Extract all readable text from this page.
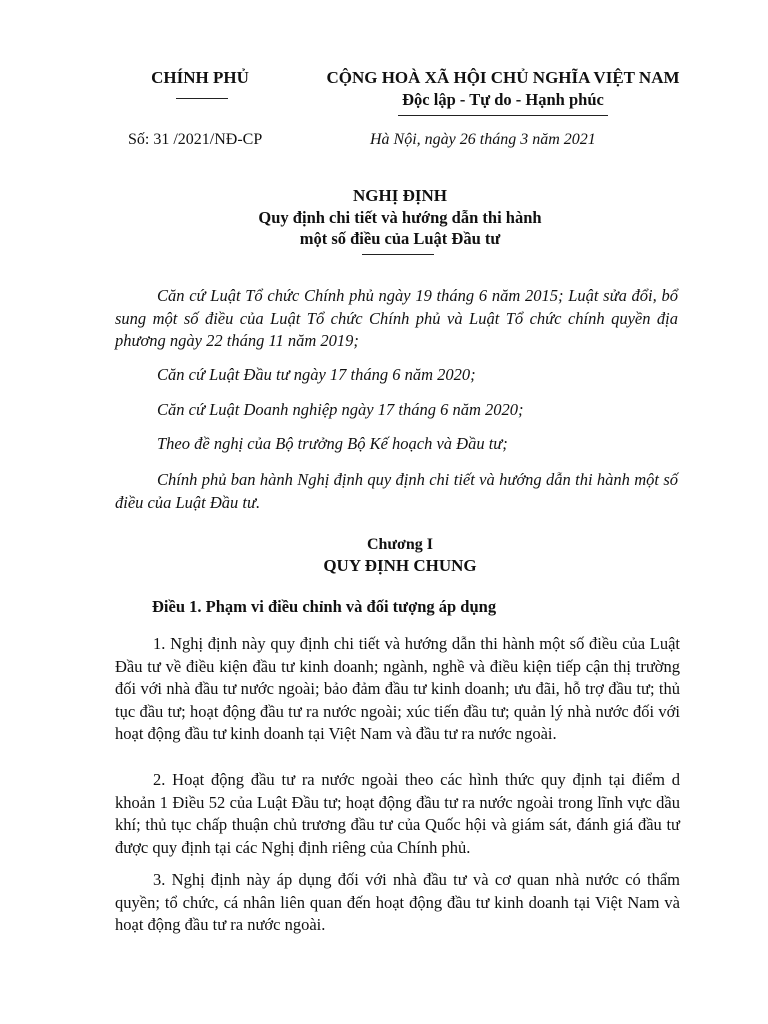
CHÍNH PHỦ	CỘNG HOÀ XÃ HỘI CHỦ NGHĨA VIỆT NAM
Độc lập - Tự do - Hạnh phúc
Số: 31 /2021/NĐ-CP	Hà Nội, ngày 26 tháng 3 năm 2021
NGHỊ ĐỊNH
Quy định chi tiết và hướng dẫn thi hành
một số điều của Luật Đầu tư
Căn cứ Luật Tổ chức Chính phủ ngày 19 tháng 6 năm 2015; Luật sửa đổi, bổ sung một số điều của Luật Tổ chức Chính phủ và Luật Tổ chức chính quyền địa phương ngày 22 tháng 11 năm 2019;
Căn cứ Luật Đầu tư ngày 17 tháng 6 năm 2020;
Căn cứ Luật Doanh nghiệp ngày 17 tháng 6 năm 2020;
Theo đề nghị của Bộ trưởng Bộ Kế hoạch và Đầu tư;
Chính phủ ban hành Nghị định quy định chi tiết và hướng dẫn thi hành một số điều của Luật Đầu tư.
Chương I
QUY ĐỊNH CHUNG
Điều 1. Phạm vi điều chỉnh và đối tượng áp dụng
1. Nghị định này quy định chi tiết và hướng dẫn thi hành một số điều của Luật Đầu tư về điều kiện đầu tư kinh doanh; ngành, nghề và điều kiện tiếp cận thị trường đối với nhà đầu tư nước ngoài; bảo đảm đầu tư kinh doanh; ưu đãi, hỗ trợ đầu tư; thủ tục đầu tư; hoạt động đầu tư ra nước ngoài; xúc tiến đầu tư; quản lý nhà nước đối với hoạt động đầu tư kinh doanh tại Việt Nam và đầu tư ra nước ngoài.
2. Hoạt động đầu tư ra nước ngoài theo các hình thức quy định tại điểm d khoản 1 Điều 52 của Luật Đầu tư; hoạt động đầu tư ra nước ngoài trong lĩnh vực dầu khí; thủ tục chấp thuận chủ trương đầu tư của Quốc hội và giám sát, đánh giá đầu tư được quy định tại các Nghị định riêng của Chính phủ.
3. Nghị định này áp dụng đối với nhà đầu tư và cơ quan nhà nước có thẩm quyền; tổ chức, cá nhân liên quan đến hoạt động đầu tư kinh doanh tại Việt Nam và hoạt động đầu tư ra nước ngoài.
